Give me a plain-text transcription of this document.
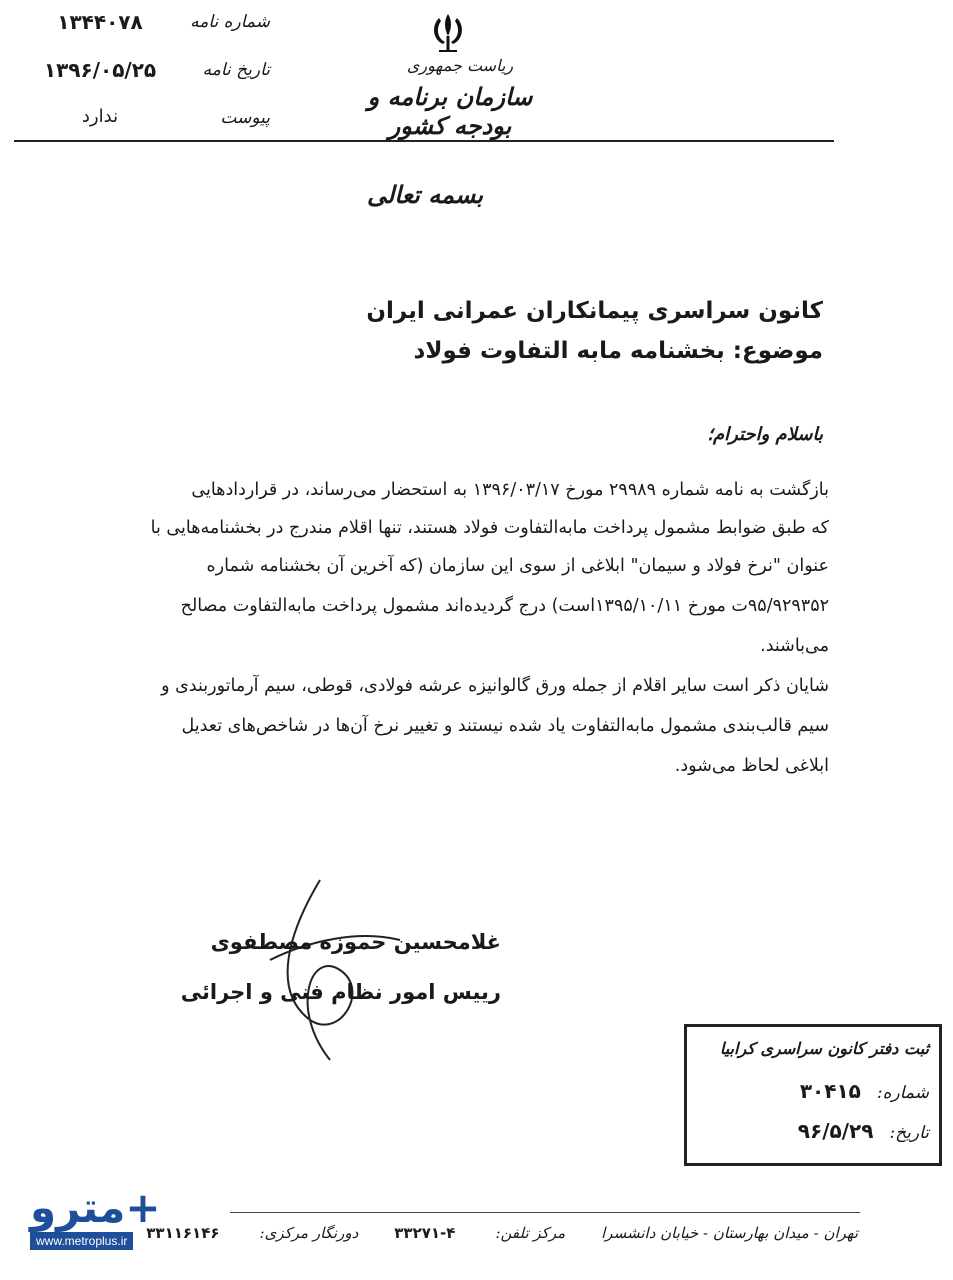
شماره نامه
۱۳۴۴۰۷۸
تاریخ نامه
۱۳۹۶/۰۵/۲۵
پیوست
ندارد
ریاست جمهوری
سازمان برنامه و بودجه کشور
بسمه تعالی
کانون سراسری پیمانکاران عمرانی ایران
موضوع: بخشنامه مابه التفاوت فولاد
باسلام واحترام؛
بازگشت به نامه شماره ۲۹۹۸۹ مورخ ۱۳۹۶/۰۳/۱۷ به استحضار می‌رساند، در قراردادهایی
که طبق ضوابط مشمول پرداخت مابه‌التفاوت فولاد هستند، تنها اقلام مندرج در بخشنامه‌هایی با
عنوان "نرخ فولاد و سیمان" ابلاغی از سوی این سازمان (که آخرین آن بخشنامه شماره
۹۵/۹۲۹۳۵۲ت مورخ ۱۳۹۵/۱۰/۱۱است) درج گردیده‌اند مشمول پرداخت مابه‌التفاوت مصالح
می‌باشند.
شایان ذکر است سایر اقلام از جمله ورق گالوانیزه عرشه فولادی، قوطی، سیم آرماتوربندی و
سیم قالب‌بندی مشمول مابه‌التفاوت یاد شده نیستند و تغییر نرخ آن‌ها در شاخص‌های تعدیل
ابلاغی لحاظ می‌شود.
غلامحسین حموزه مصطفوی
رییس امور نظام فنی و اجرائی
ثبت دفتر کانون سراسری کرابیا
شماره:۳۰۴۱۵
تاریخ:۹۶/۵/۲۹
تهران - میدان بهارستان - خیابان دانشسرامرکز تلفن:۴-۳۳۲۷۱دورنگار مرکزی:۳۳۱۱۶۱۴۶
مترو+
www.metroplus.ir
